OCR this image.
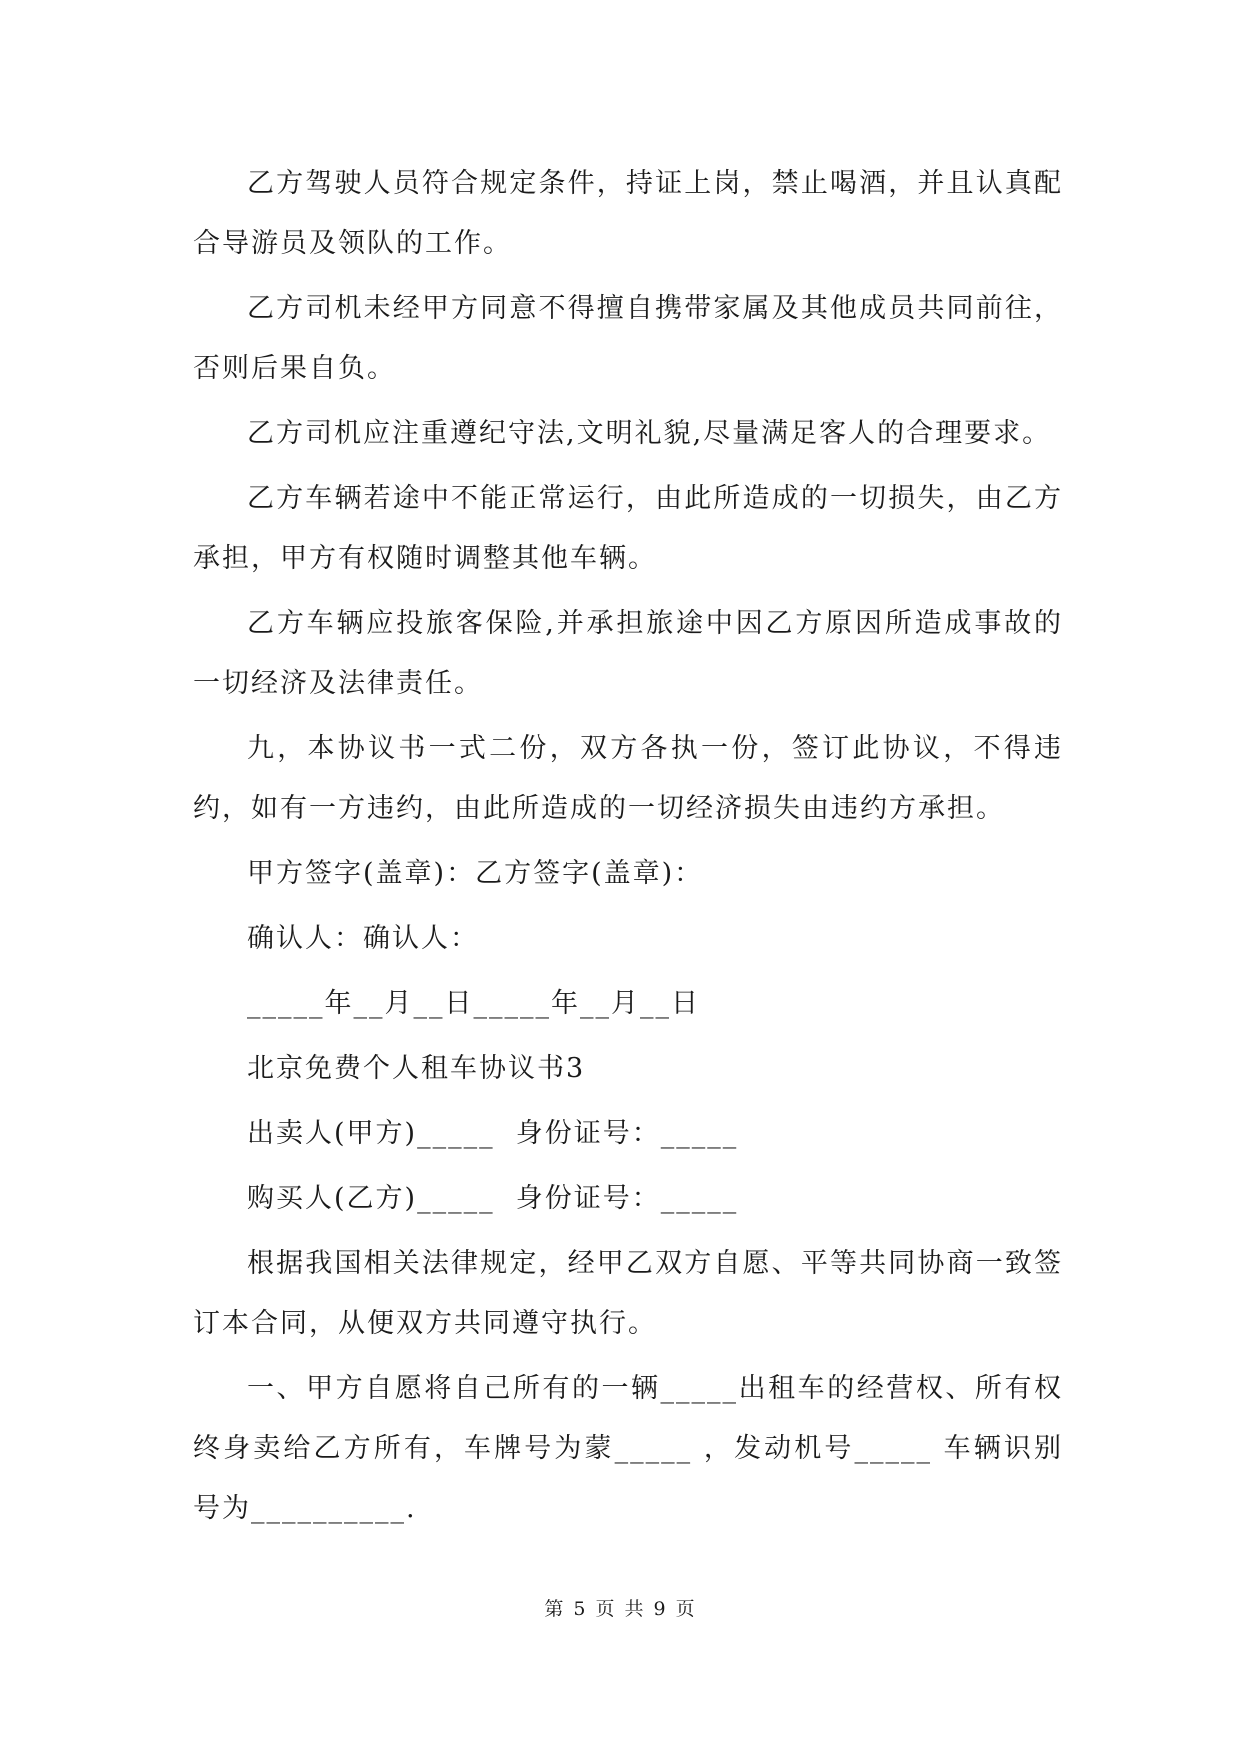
乙方驾驶人员符合规定条件，持证上岗，禁止喝酒，并且认真配合导游员及领队的工作。

乙方司机未经甲方同意不得擅自携带家属及其他成员共同前往，否则后果自负。

乙方司机应注重遵纪守法,文明礼貌,尽量满足客人的合理要求。

乙方车辆若途中不能正常运行，由此所造成的一切损失，由乙方承担，甲方有权随时调整其他车辆。

乙方车辆应投旅客保险,并承担旅途中因乙方原因所造成事故的一切经济及法律责任。

九，本协议书一式二份，双方各执一份，签订此协议，不得违约，如有一方违约，由此所造成的一切经济损失由违约方承担。

甲方签字(盖章)：乙方签字(盖章)：

确认人：确认人：

_____年__月__日_____年__月__日

北京免费个人租车协议书3

出卖人(甲方)_____  身份证号：_____

购买人(乙方)_____  身份证号：_____

根据我国相关法律规定，经甲乙双方自愿、平等共同协商一致签订本合同，从便双方共同遵守执行。

一、甲方自愿将自己所有的一辆_____出租车的经营权、所有权终身卖给乙方所有，车牌号为蒙_____ ，发动机号_____ 车辆识别号为__________.

第 5 页 共 9 页
